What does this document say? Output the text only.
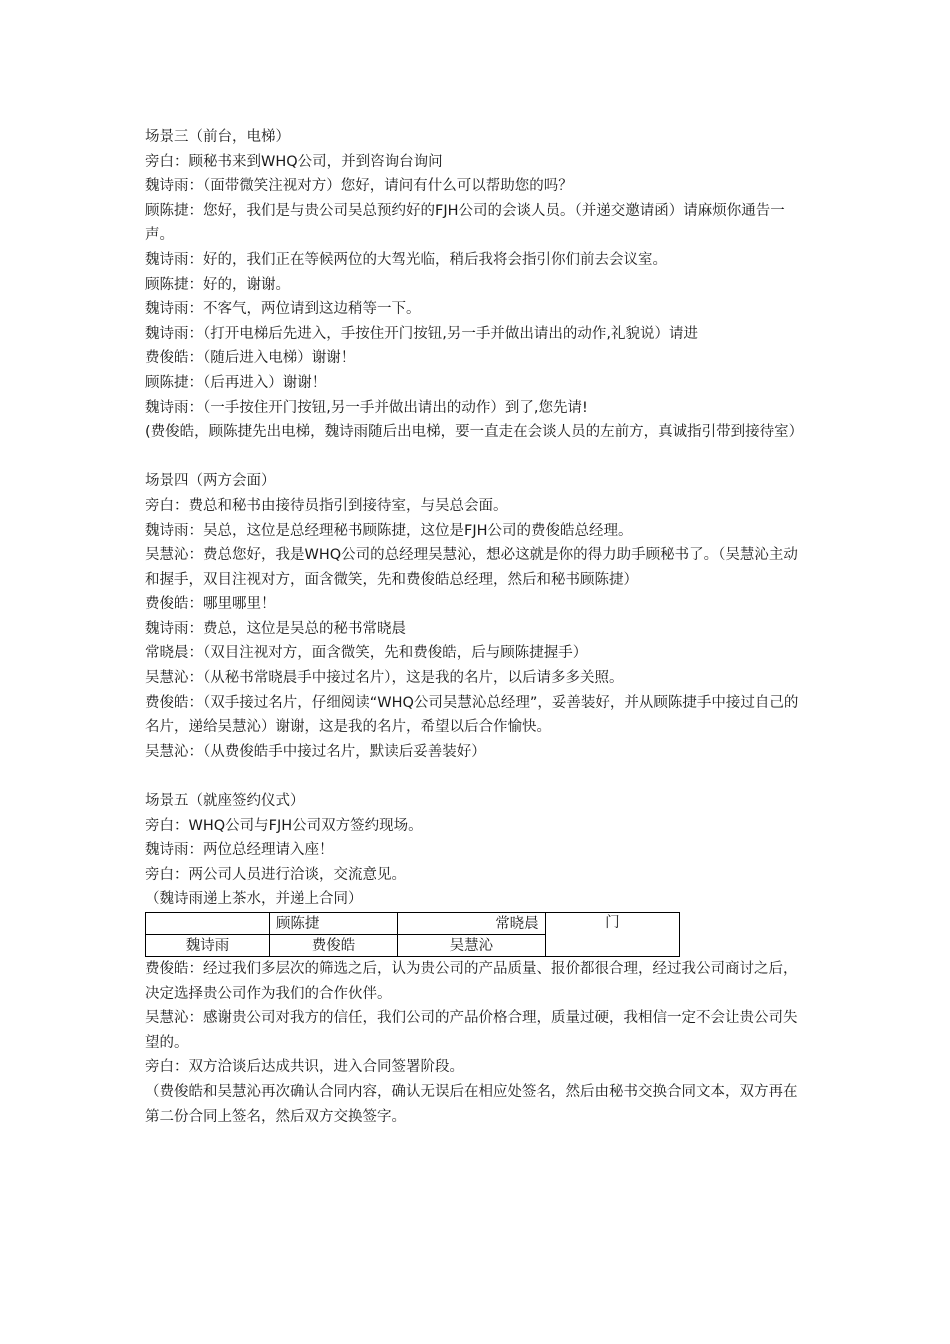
场景三（前台，电梯）

旁白：顾秘书来到WHQ公司，并到咨询台询问

魏诗雨：（面带微笑注视对方）您好，请问有什么可以帮助您的吗？

顾陈捷：您好，我们是与贵公司吴总预约好的FJH公司的会谈人员。（并递交邀请函）请麻烦你通告一声。

魏诗雨：好的，我们正在等候两位的大驾光临，稍后我将会指引你们前去会议室。

顾陈捷：好的，谢谢。

魏诗雨：不客气，两位请到这边稍等一下。

魏诗雨：（打开电梯后先进入，手按住开门按钮,另一手并做出请出的动作,礼貌说）请进

费俊皓：（随后进入电梯）谢谢！

顾陈捷：（后再进入）谢谢！

魏诗雨：（一手按住开门按钮,另一手并做出请出的动作）到了,您先请!

(费俊皓，顾陈捷先出电梯，魏诗雨随后出电梯，要一直走在会谈人员的左前方，真诚指引带到接待室）

场景四（两方会面）

旁白：费总和秘书由接待员指引到接待室，与吴总会面。

魏诗雨：吴总，这位是总经理秘书顾陈捷，这位是FJH公司的费俊皓总经理。

吴慧沁：费总您好，我是WHQ公司的总经理吴慧沁，想必这就是你的得力助手顾秘书了。（吴慧沁主动和握手，双目注视对方，面含微笑，先和费俊皓总经理，然后和秘书顾陈捷）

费俊皓：哪里哪里！

魏诗雨：费总，这位是吴总的秘书常晓晨

常晓晨：（双目注视对方，面含微笑，先和费俊皓，后与顾陈捷握手）

吴慧沁：（从秘书常晓晨手中接过名片），这是我的名片，以后请多多关照。

费俊皓：（双手接过名片，仔细阅读“WHQ公司吴慧沁总经理”，妥善装好，并从顾陈捷手中接过自己的名片，递给吴慧沁）谢谢，这是我的名片，希望以后合作愉快。

吴慧沁：（从费俊皓手中接过名片，默读后妥善装好）

场景五（就座签约仪式）

旁白：WHQ公司与FJH公司双方签约现场。

魏诗雨：两位总经理请入座！

旁白：两公司人员进行洽谈，交流意见。

（魏诗雨递上茶水，并递上合同）

	顾陈捷	常晓晨	门
魏诗雨	费俊皓	吴慧沁	

费俊皓：经过我们多层次的筛选之后，认为贵公司的产品质量、报价都很合理，经过我公司商讨之后，决定选择贵公司作为我们的合作伙伴。

吴慧沁：感谢贵公司对我方的信任，我们公司的产品价格合理，质量过硬，我相信一定不会让贵公司失望的。

旁白：双方洽谈后达成共识，进入合同签署阶段。

（费俊皓和吴慧沁再次确认合同内容，确认无误后在相应处签名，然后由秘书交换合同文本，双方再在第二份合同上签名，然后双方交换签字。
